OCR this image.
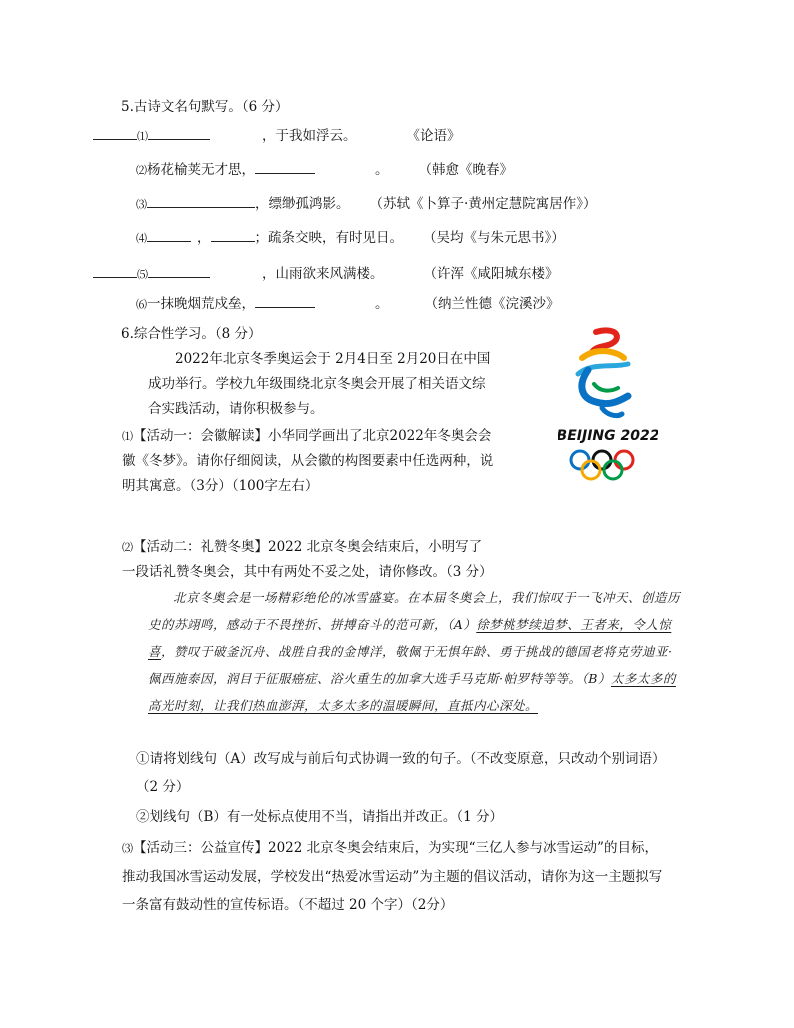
5.古诗文名句默写。（6 分）
⑴	，于我如浮云。	《论语》
⑵杨花榆荚无才思，	。 （韩愈《晚春》
⑶	，缥缈孤鸿影。 （苏轼《卜算子·黄州定慧院寓居作》）
⑷	，	；疏条交映，有时见日。 （吴均《与朱元思书》）
⑸	，山雨欲来风满楼。	（许浑《咸阳城东楼》
⑹一抹晚烟荒戍垒，	。	（纳兰性德《浣溪沙》
6.综合性学习。（8 分）
2022年北京冬季奥运会于 2月4日至 2月20日在中国成功举行。学校九年级围绕北京冬奥会开展了相关语文综合实践活动，请你积极参与。
⑴【活动一：会徽解读】小华同学画出了北京2022年冬奥会会徽《冬梦》。请你仔细阅读，从会徽的构图要素中任选两种，说明其寓意。（3分）（100字左右）
BEIJING 2022
⑵【活动二：礼赞冬奥】2022 北京冬奥会结束后，小明写了一段话礼赞冬奥会，其中有两处不妥之处，请你修改。（3 分）
北京冬奥会是一场精彩绝伦的冰雪盛宴。在本届冬奥会上，我们惊叹于一飞冲天、创造历史的苏翊鸣，感动于不畏挫折、拼搏奋斗的范可新，（A）徐梦桃梦续追梦、王者来，令人惊喜，赞叹于破釜沉舟、战胜自我的金博洋，敬佩于无惧年龄、勇于挑战的德国老将克劳迪亚·佩西施泰因，润目于征服癌症、浴火重生的加拿大选手马克斯·帕罗特等等。（B）太多太多的高光时刻，让我们热血澎湃，太多太多的温暖瞬间，直抵内心深处。
①请将划线句（A）改写成与前后句式协调一致的句子。（不改变原意，只改动个别词语）（2 分）
②划线句（B）有一处标点使用不当，请指出并改正。（1 分）
⑶【活动三：公益宣传】2022 北京冬奥会结束后，为实现“三亿人参与冰雪运动”的目标，推动我国冰雪运动发展，学校发出“热爱冰雪运动”为主题的倡议活动，请你为这一主题拟写一条富有鼓动性的宣传标语。（不超过 20 个字）（2分）
